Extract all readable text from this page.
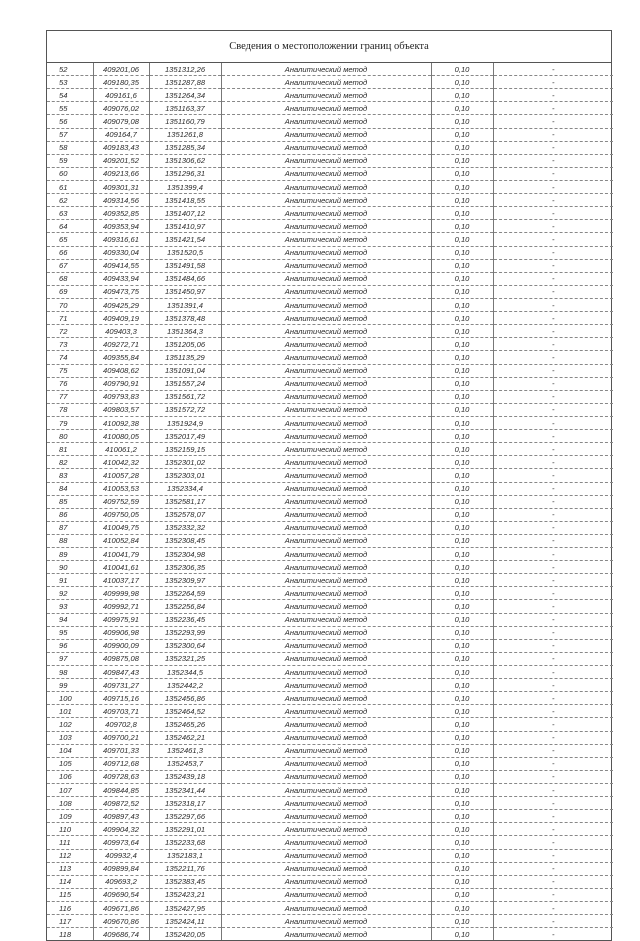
Сведения о местоположении границ объекта
52	409201,06	1351312,26	Аналитический метод	0,10	-
53	409180,35	1351287,88	Аналитический метод	0,10	-
54	409161,6	1351264,34	Аналитический метод	0,10	-
55	409076,02	1351163,37	Аналитический метод	0,10	-
56	409079,08	1351160,79	Аналитический метод	0,10	-
57	409164,7	1351261,8	Аналитический метод	0,10	-
58	409183,43	1351285,34	Аналитический метод	0,10	-
59	409201,52	1351306,62	Аналитический метод	0,10	-
60	409213,66	1351296,31	Аналитический метод	0,10	-
61	409301,31	1351399,4	Аналитический метод	0,10	-
62	409314,56	1351418,55	Аналитический метод	0,10	-
63	409352,85	1351407,12	Аналитический метод	0,10	-
64	409353,94	1351410,97	Аналитический метод	0,10	-
65	409316,61	1351421,54	Аналитический метод	0,10	-
66	409330,04	1351520,5	Аналитический метод	0,10	-
67	409414,55	1351491,58	Аналитический метод	0,10	-
68	409433,94	1351484,66	Аналитический метод	0,10	-
69	409473,75	1351450,97	Аналитический метод	0,10	-
70	409425,29	1351391,4	Аналитический метод	0,10	-
71	409409,19	1351378,48	Аналитический метод	0,10	-
72	409403,3	1351364,3	Аналитический метод	0,10	-
73	409272,71	1351205,06	Аналитический метод	0,10	-
74	409355,84	1351135,29	Аналитический метод	0,10	-
75	409408,62	1351091,04	Аналитический метод	0,10	-
76	409790,91	1351557,24	Аналитический метод	0,10	-
77	409793,83	1351561,72	Аналитический метод	0,10	-
78	409803,57	1351572,72	Аналитический метод	0,10	-
79	410092,38	1351924,9	Аналитический метод	0,10	-
80	410080,05	1352017,49	Аналитический метод	0,10	-
81	410061,2	1352159,15	Аналитический метод	0,10	-
82	410042,32	1352301,02	Аналитический метод	0,10	-
83	410057,28	1352303,01	Аналитический метод	0,10	-
84	410053,53	1352334,4	Аналитический метод	0,10	-
85	409752,59	1352581,17	Аналитический метод	0,10	-
86	409750,05	1352578,07	Аналитический метод	0,10	-
87	410049,75	1352332,32	Аналитический метод	0,10	-
88	410052,84	1352308,45	Аналитический метод	0,10	-
89	410041,79	1352304,98	Аналитический метод	0,10	-
90	410041,61	1352306,35	Аналитический метод	0,10	-
91	410037,17	1352309,97	Аналитический метод	0,10	-
92	409999,98	1352264,59	Аналитический метод	0,10	-
93	409992,71	1352256,84	Аналитический метод	0,10	-
94	409975,91	1352236,45	Аналитический метод	0,10	-
95	409906,98	1352293,99	Аналитический метод	0,10	-
96	409900,09	1352300,64	Аналитический метод	0,10	-
97	409875,08	1352321,25	Аналитический метод	0,10	-
98	409847,43	1352344,5	Аналитический метод	0,10	-
99	409731,27	1352442,2	Аналитический метод	0,10	-
100	409715,16	1352456,86	Аналитический метод	0,10	-
101	409703,71	1352464,52	Аналитический метод	0,10	-
102	409702,8	1352465,26	Аналитический метод	0,10	-
103	409700,21	1352462,21	Аналитический метод	0,10	-
104	409701,33	1352461,3	Аналитический метод	0,10	-
105	409712,68	1352453,7	Аналитический метод	0,10	-
106	409728,63	1352439,18	Аналитический метод	0,10	-
107	409844,85	1352341,44	Аналитический метод	0,10	-
108	409872,52	1352318,17	Аналитический метод	0,10	-
109	409897,43	1352297,66	Аналитический метод	0,10	-
110	409904,32	1352291,01	Аналитический метод	0,10	-
111	409973,64	1352233,68	Аналитический метод	0,10	-
112	409932,4	1352183,1	Аналитический метод	0,10	-
113	409899,84	1352211,76	Аналитический метод	0,10	-
114	409693,2	1352383,45	Аналитический метод	0,10	-
115	409690,54	1352423,21	Аналитический метод	0,10	-
116	409671,86	1352427,95	Аналитический метод	0,10	-
117	409670,86	1352424,11	Аналитический метод	0,10	-
118	409686,74	1352420,05	Аналитический метод	0,10	-
